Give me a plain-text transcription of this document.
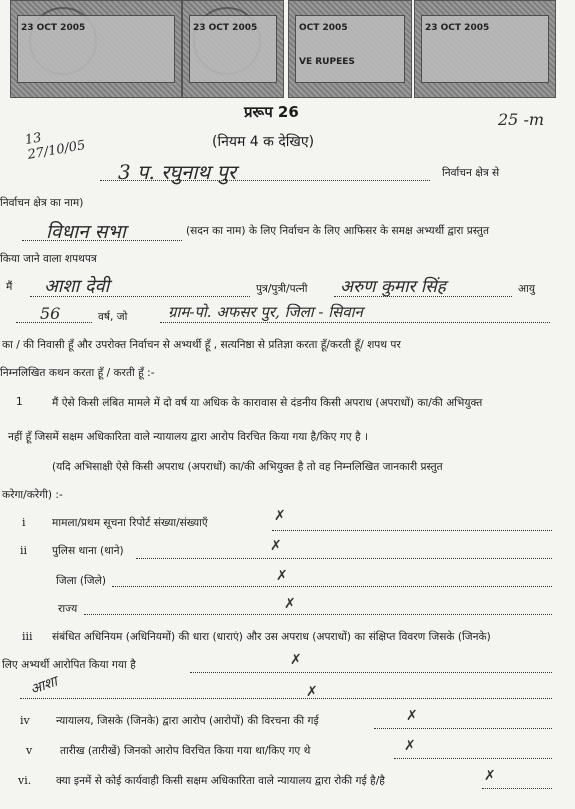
23 OCT 2005	23 OCT 2005	OCT 2005
VE RUPEES
23 OCT 2005
प्ररूप 26
(नियम 4 क देखिए)
25 -m
13
27/10/05
3 प. रघुनाथ पुर	निर्वाचन क्षेत्र से
निर्वाचन क्षेत्र का नाम)
विधान सभा	(सदन का नाम) के लिए निर्वाचन के लिए आफिसर के समक्ष अभ्यर्थी द्वारा प्रस्तुत
किया जाने वाला शपथपत्र
मैं आशा देवी	पुत्र/पुत्री/पत्नी अरुण कुमार सिंह	आयु
56	वर्ष, जो	ग्राम-पो. अफसर पुर, जिला - सिवान
का / की निवासी हूँ और उपरोक्त निर्वाचन से अभ्यर्थी हूँ , सत्यनिष्ठा से प्रतिज्ञा करता हूँ/करती हूँ/ शपथ पर
निम्नलिखित कथन करता हूँ / करती हूँ :-
1	मैं ऐसे किसी लंबित मामले में दो वर्ष या अधिक के कारावास से दंडनीय किसी अपराध (अपराधों) का/की अभियुक्त
नहीं हूँ जिसमें सक्षम अधिकारिता वाले न्यायालय द्वारा आरोप विरचित किया गया है/किए गए है ।
(यदि अभिसाक्षी ऐसे किसी अपराध (अपराधों) का/की अभियुक्त है तो वह निम्नलिखित जानकारी प्रस्तुत
करेगा/करेगी) :-
i मामला/प्रथम सूचना रिपोर्ट संख्या/संख्याएँ	✗
ii पुलिस थाना (थाने)	✗
जिला (जिले)	✗
राज्य	✗
iii संबंधित अधिनियम (अधिनियमों) की धारा (धाराएं) और उस अपराध (अपराधों) का संक्षिप्त विवरण जिसके (जिनके)
लिए अभ्यर्थी आरोपित किया गया है	✗
✗
आशा
iv न्यायालय, जिसके (जिनके) द्वारा आरोप (आरोपों) की विरचना की गई	✗
v	तारीख (तारीखें) जिनको आरोप विरचित किया गया था/किए गए थे	✗
vi. क्या इनमें से कोई कार्यवाही किसी सक्षम अधिकारिता वाले न्यायालय द्वारा रोकी गई है/है	✗
